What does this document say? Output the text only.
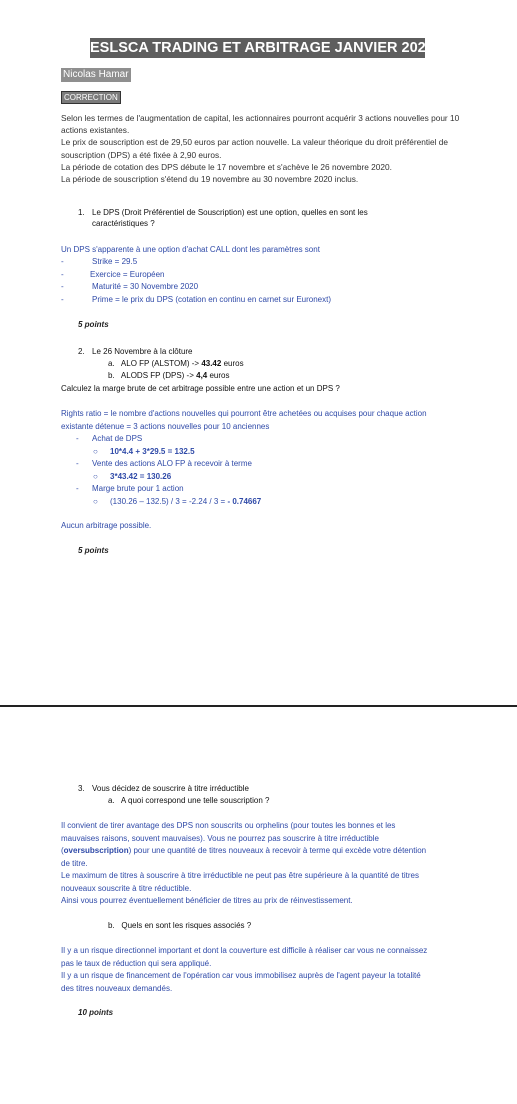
ESLSCA TRADING ET ARBITRAGE JANVIER 2021
Nicolas Hamar
CORRECTION

Selon les termes de l'augmentation de capital, les actionnaires pourront acquérir 3 actions nouvelles pour 10 actions existantes.

Le prix de souscription est de 29,50 euros par action nouvelle. La valeur théorique du droit préférentiel de souscription (DPS) a été fixée à 2,90 euros.

La période de cotation des DPS débute le 17 novembre et s'achève le 26 novembre 2020.

La période de souscription s'étend du 19 novembre au 30 novembre 2020 inclus.

1. Le DPS (Droit Préférentiel de Souscription) est une option, quelles en sont les caractéristiques ?
Un DPS s'apparente à une option d'achat CALL dont les paramètres sont
-	Strike = 29.5
-	Exercice = Européen
-	Maturité = 30 Novembre 2020
-	Prime = le prix du DPS (cotation en continu en carnet sur Euronext)
5 points
2. Le 26 Novembre à la clôture
a. ALO FP (ALSTOM) -> 43.42 euros
b. ALODS FP (DPS) -> 4,4 euros
Calculez la marge brute de cet arbitrage possible entre une action et un DPS ?
Rights ratio = le nombre d'actions nouvelles qui pourront être achetées ou acquises pour chaque action existante détenue = 3 actions nouvelles pour 10 anciennes
- Achat de DPS
○ 10*4.4 + 3*29.5 = 132.5
- Vente des actions ALO FP à recevoir à terme
○ 3*43.42 = 130.26
- Marge brute pour 1 action
○ (130.26 – 132.5) / 3 = -2.24 / 3 = - 0.74667
Aucun arbitrage possible.
5 points
3. Vous décidez de souscrire à titre irréductible
a. A quoi correspond une telle souscription ?
Il convient de tirer avantage des DPS non souscrits ou orphelins (pour toutes les bonnes et les mauvaises raisons, souvent mauvaises). Vous ne pourrez pas souscrire à titre irréductible (oversubscription) pour une quantité de titres nouveaux à recevoir à terme qui excède votre détention de titre.
Le maximum de titres à souscrire à titre irréductible ne peut pas être supérieure à la quantité de titres nouveaux souscrite à titre réductible.
Ainsi vous pourrez éventuellement bénéficier de titres au prix de réinvestissement.
b. Quels en sont les risques associés ?
Il y a un risque directionnel important et dont la couverture est difficile à réaliser car vous ne connaissez pas le taux de réduction qui sera appliqué.
Il y a un risque de financement de l'opération car vous immobilisez auprès de l'agent payeur la totalité des titres nouveaux demandés.
10 points
